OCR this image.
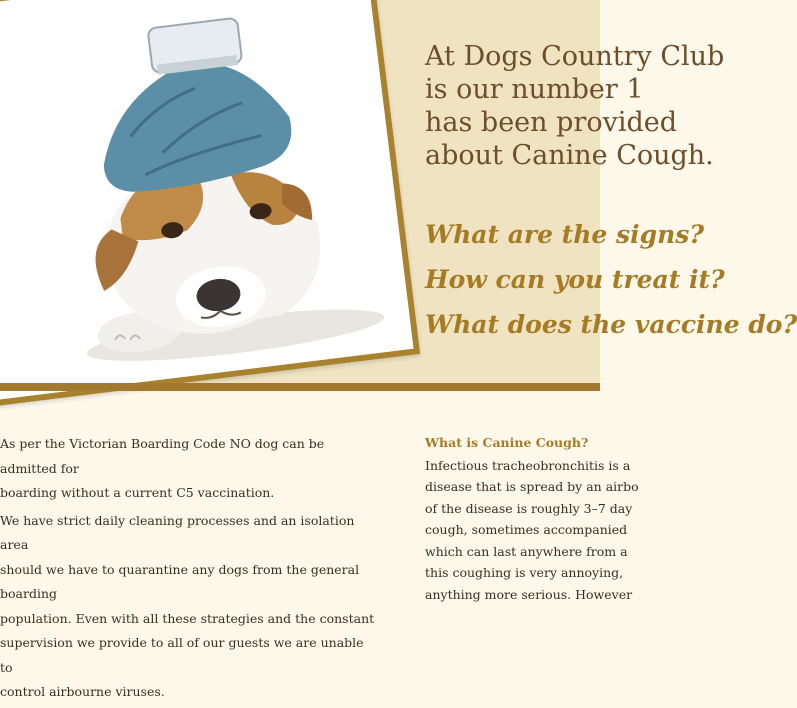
At Dogs Country Club
is our number 1
has been provided
about Canine Cough.
What are the signs?
How can you treat it?
What does the vaccine do?

As per the Victorian Boarding Code NO dog can be admitted for
boarding without a current C5 vaccination.

We have strict daily cleaning processes and an isolation area
should we have to quarantine any dogs from the general boarding
population. Even with all these strategies and the constant
supervision we provide to all of our guests we are unable to
control airbourne viruses.

What is Canine Cough?
Infectious tracheobronchitis is a
disease that is spread by an airbo
of the disease is roughly 3–7 day
cough, sometimes accompanied
which can last anywhere from a
this coughing is very annoying,
anything more serious. However
